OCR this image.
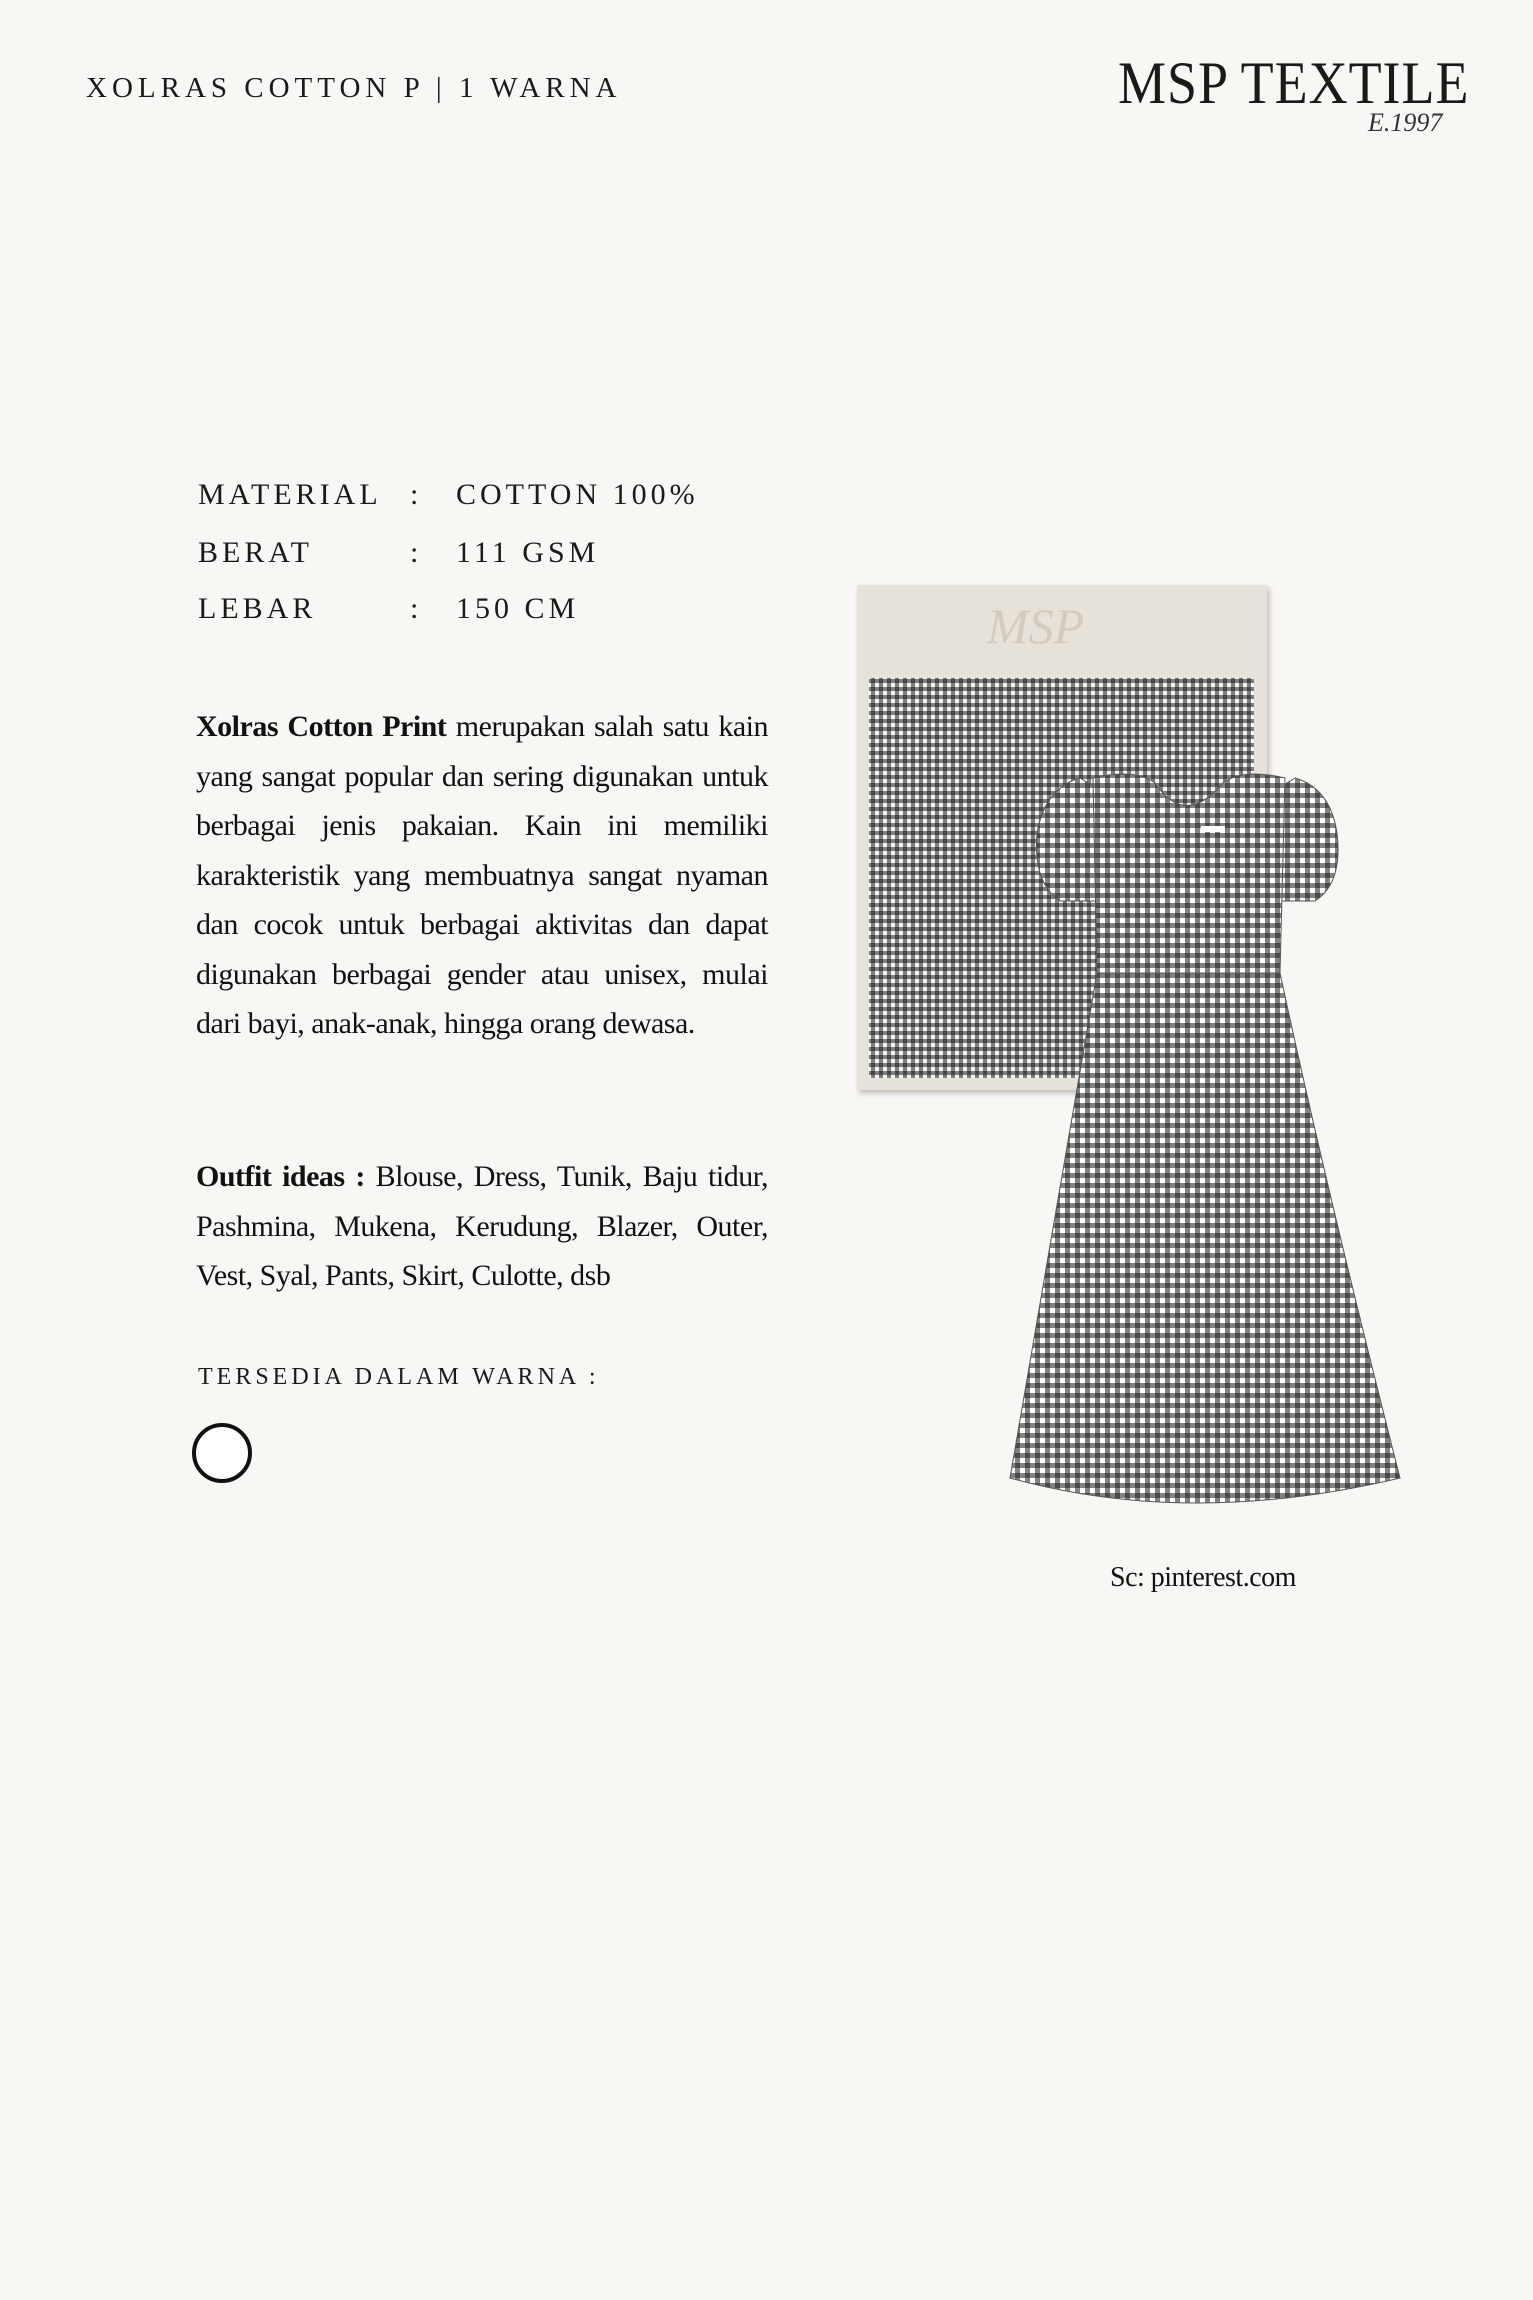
XOLRAS COTTON P | 1 WARNA	MSP TEXTILE
E.1997
MATERIAL : COTTON 100%
BERAT	: 111 GSM
LEBAR	: 150 CM
Xolras Cotton Print merupakan salah satu kain yang sangat popular dan sering digunakan untuk berbagai jenis pakaian. Kain ini memiliki karakteristik yang membuatnya sangat nyaman dan cocok untuk berbagai aktivitas dan dapat digunakan berbagai gender atau unisex, mulai dari bayi, anak-anak, hingga orang dewasa.
Outfit ideas : Blouse, Dress, Tunik, Baju tidur, Pashmina, Mukena, Kerudung, Blazer, Outer, Vest, Syal, Pants, Skirt, Culotte, dsb
TERSEDIA DALAM WARNA :
MSP
Sc: pinterest.com
